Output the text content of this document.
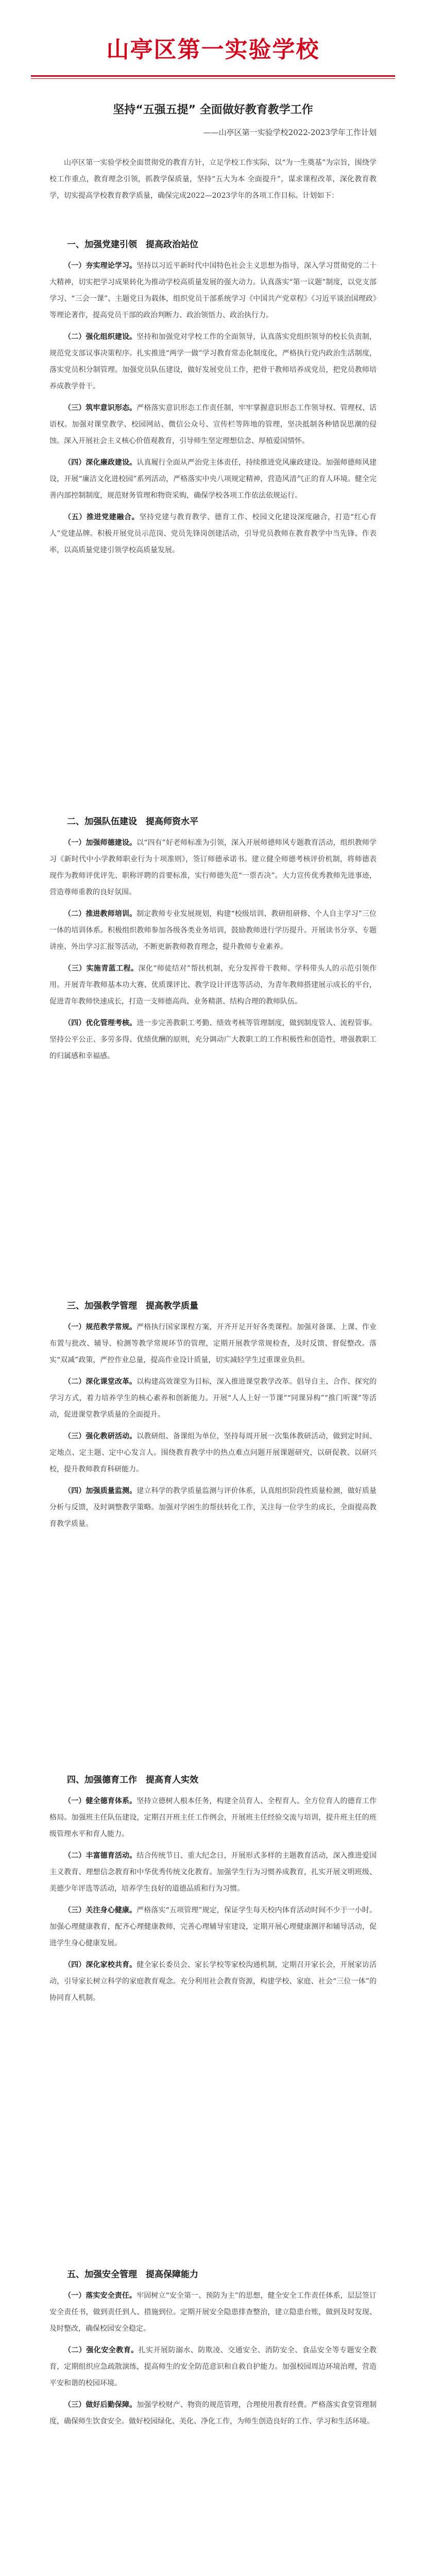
山亭区第一实验学校
坚持“五强五提” 全面做好教育教学工作
——山亭区第一实验学校2022-2023学年工作计划

山亭区第一实验学校全面贯彻党的教育方针，立足学校工作实际，以“为一生奠基”为宗旨，围绕学校工作重点，教育理念引领，抓教学保质量，坚持“五大为本 全面提升”，谋求课程改革，深化教育教学，切实提高学校教育教学质量，确保完成2022—2023学年的各项工作目标。计划如下：

一、加强党建引领　提高政治站位

（一）夯实理论学习。坚持以习近平新时代中国特色社会主义思想为指导，深入学习贯彻党的二十大精神，切实把学习成果转化为推动学校高质量发展的强大动力。认真落实“第一议题”制度，以党支部学习、“三会一课”、主题党日为载体，组织党员干部系统学习《中国共产党章程》《习近平谈治国理政》等理论著作，提高党员干部的政治判断力、政治领悟力、政治执行力。

（二）强化组织建设。坚持和加强党对学校工作的全面领导，认真落实党组织领导的校长负责制，规范党支部议事决策程序。扎实推进“两学一做”学习教育常态化制度化，严格执行党内政治生活制度，落实党员积分制管理。加强党员队伍建设，做好发展党员工作，把骨干教师培养成党员，把党员教师培养成教学骨干。

（三）筑牢意识形态。严格落实意识形态工作责任制，牢牢掌握意识形态工作领导权、管理权、话语权。加强对课堂教学、校园网站、微信公众号、宣传栏等阵地的管理，坚决抵制各种错误思潮的侵蚀。深入开展社会主义核心价值观教育，引导师生坚定理想信念、厚植爱国情怀。

（四）深化廉政建设。认真履行全面从严治党主体责任，持续推进党风廉政建设。加强师德师风建设，开展“廉洁文化进校园”系列活动，严格落实中央八项规定精神，营造风清气正的育人环境。健全完善内部控制制度，规范财务管理和物资采购，确保学校各项工作依法依规运行。

（五）推进党建融合。坚持党建与教育教学、德育工作、校园文化建设深度融合，打造“红心育人”党建品牌。积极开展党员示范岗、党员先锋岗创建活动，引导党员教师在教育教学中当先锋、作表率，以高质量党建引领学校高质量发展。

二、加强队伍建设　提高师资水平

（一）加强师德建设。以“四有”好老师标准为引领，深入开展师德师风专题教育活动，组织教师学习《新时代中小学教师职业行为十项准则》，签订师德承诺书。建立健全师德考核评价机制，将师德表现作为教师评优评先、职称评聘的首要标准，实行师德失范“一票否决”。大力宣传优秀教师先进事迹，营造尊师重教的良好氛围。

（二）推进教师培训。制定教师专业发展规划，构建“校级培训、教研组研修、个人自主学习”三位一体的培训体系。积极组织教师参加各级各类业务培训，鼓励教师进行学历提升。开展读书分享、专题讲座、外出学习汇报等活动，不断更新教师教育理念，提升教师专业素养。

（三）实施青蓝工程。深化“师徒结对”帮扶机制，充分发挥骨干教师、学科带头人的示范引领作用。开展青年教师基本功大赛、优质课评比、教学设计评选等活动，为青年教师搭建展示成长的平台，促进青年教师快速成长，打造一支师德高尚、业务精湛、结构合理的教师队伍。

（四）优化管理考核。进一步完善教职工考勤、绩效考核等管理制度，做到制度管人、流程管事。坚持公平公正、多劳多得、优绩优酬的原则，充分调动广大教职工的工作积极性和创造性，增强教职工的归属感和幸福感。

三、加强教学管理　提高教学质量

（一）规范教学常规。严格执行国家课程方案，开齐开足开好各类课程。加强对备课、上课、作业布置与批改、辅导、检测等教学常规环节的管理，定期开展教学常规检查，及时反馈、督促整改。落实“双减”政策，严控作业总量，提高作业设计质量，切实减轻学生过重课业负担。

（二）深化课堂改革。以构建高效课堂为目标，深入推进课堂教学改革。倡导自主、合作、探究的学习方式，着力培养学生的核心素养和创新能力。开展“人人上好一节课”“同课异构”“推门听课”等活动，促进课堂教学质量的全面提升。

（三）强化教研活动。以教研组、备课组为单位，坚持每周开展一次集体教研活动，做到定时间、定地点、定主题、定中心发言人。围绕教育教学中的热点难点问题开展课题研究，以研促教、以研兴校，提升教师教育科研能力。

（四）加强质量监测。建立科学的教学质量监测与评价体系，认真组织阶段性质量检测，做好质量分析与反馈，及时调整教学策略。加强对学困生的帮扶转化工作，关注每一位学生的成长，全面提高教育教学质量。

四、加强德育工作　提高育人实效

（一）健全德育体系。坚持立德树人根本任务，构建全员育人、全程育人、全方位育人的德育工作格局。加强班主任队伍建设，定期召开班主任工作例会，开展班主任经验交流与培训，提升班主任的班级管理水平和育人能力。

（二）丰富德育活动。结合传统节日、重大纪念日，开展形式多样的主题教育活动，深入推进爱国主义教育、理想信念教育和中华优秀传统文化教育。加强学生行为习惯养成教育，扎实开展文明班级、美德少年评选等活动，培养学生良好的道德品质和行为习惯。

（三）关注身心健康。严格落实“五项管理”规定，保证学生每天校内体育活动时间不少于一小时。加强心理健康教育，配齐心理健康教师，完善心理辅导室建设，定期开展心理健康测评和辅导活动，促进学生身心健康发展。

（四）深化家校共育。健全家长委员会、家长学校等家校沟通机制，定期召开家长会，开展家访活动，引导家长树立科学的家庭教育观念。充分利用社会教育资源，构建学校、家庭、社会“三位一体”的协同育人机制。

五、加强安全管理　提高保障能力

（一）落实安全责任。牢固树立“安全第一、预防为主”的思想，健全安全工作责任体系，层层签订安全责任书，做到责任到人、措施到位。定期开展安全隐患排查整治，建立隐患台账，做到及时发现、及时整改，确保校园安全稳定。

（二）强化安全教育。扎实开展防溺水、防欺凌、交通安全、消防安全、食品安全等专题安全教育，定期组织应急疏散演练，提高师生的安全防范意识和自救自护能力。加强校园周边环境治理，营造平安和谐的校园环境。

（三）做好后勤保障。加强学校财产、物资的规范管理，合理使用教育经费。严格落实食堂管理制度，确保师生饮食安全。做好校园绿化、美化、净化工作，为师生创造良好的工作、学习和生活环境。
